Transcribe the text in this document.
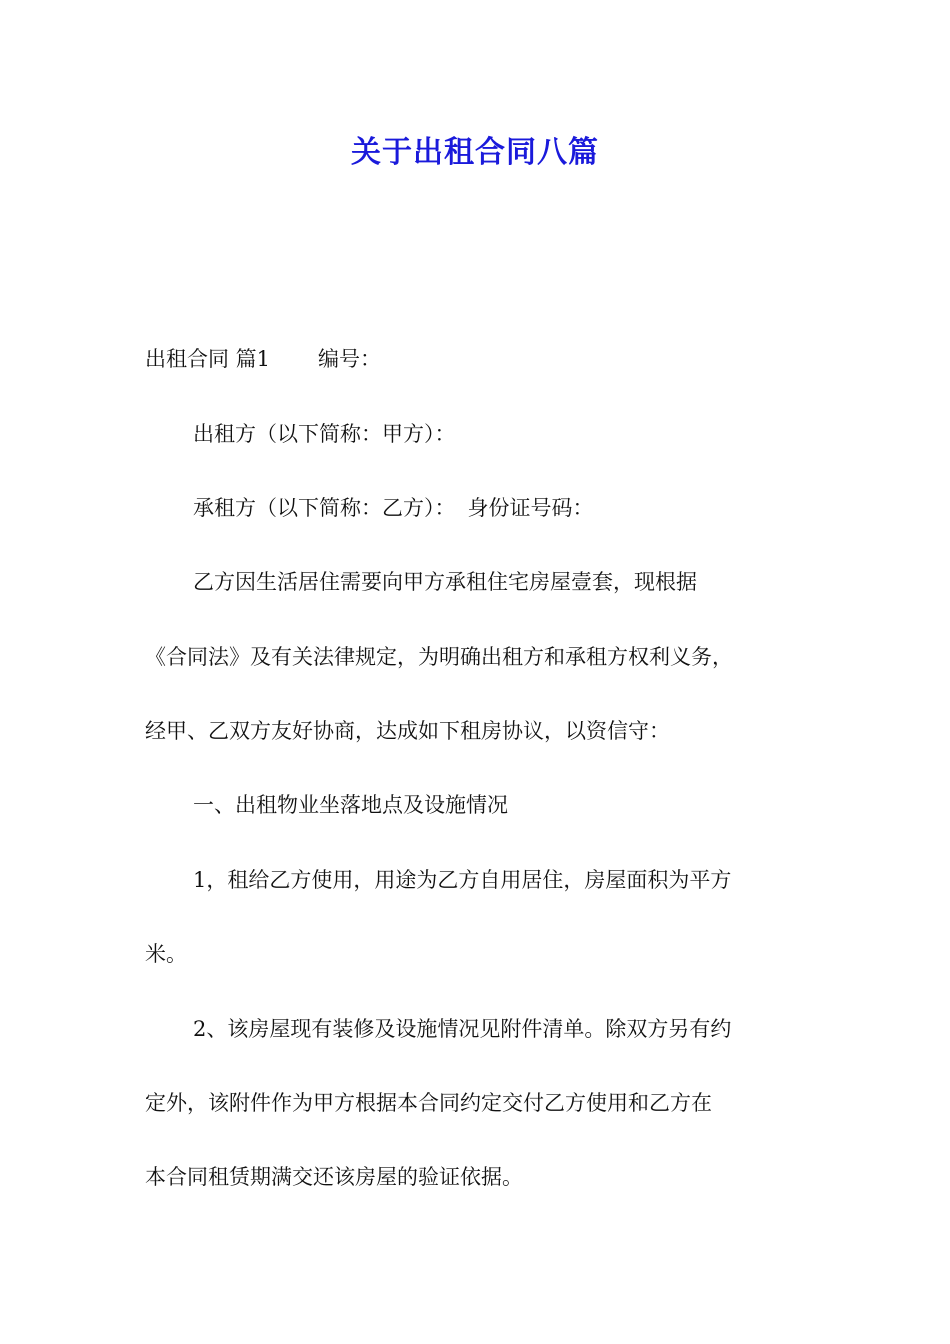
关于出租合同八篇

出租合同 篇1 编号：

出租方（以下简称：甲方）：

承租方（以下简称：乙方）： 身份证号码：

乙方因生活居住需要向甲方承租住宅房屋壹套，现根据

《合同法》及有关法律规定，为明确出租方和承租方权利义务，

经甲、乙双方友好协商，达成如下租房协议，以资信守：

一、出租物业坐落地点及设施情况

1，租给乙方使用，用途为乙方自用居住，房屋面积为平方

米。

2、该房屋现有装修及设施情况见附件清单。除双方另有约

定外，该附件作为甲方根据本合同约定交付乙方使用和乙方在

本合同租赁期满交还该房屋的验证依据。
